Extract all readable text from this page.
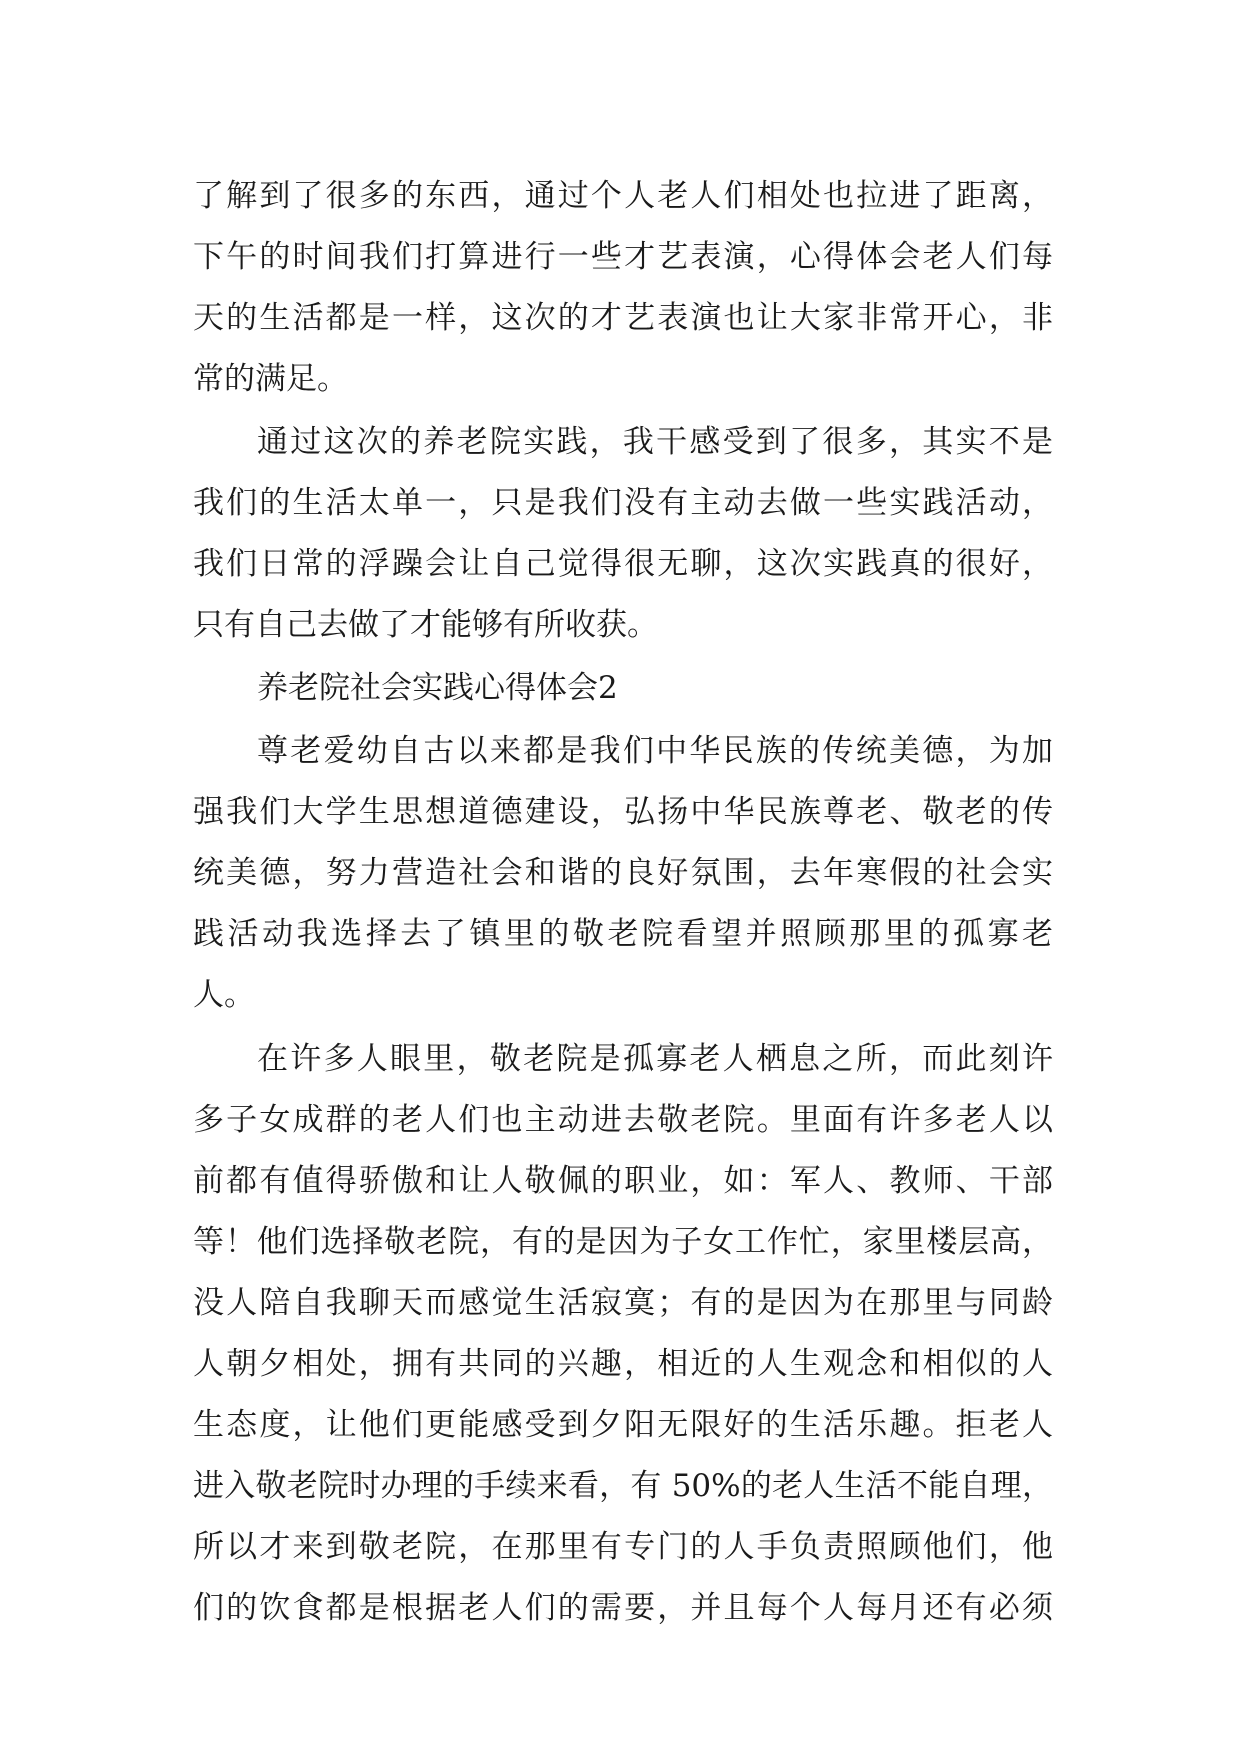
了解到了很多的东西，通过个人老人们相处也拉进了距离，
下午的时间我们打算进行一些才艺表演，心得体会老人们每
天的生活都是一样，这次的才艺表演也让大家非常开心，非
常的满足。
通过这次的养老院实践，我干感受到了很多，其实不是
我们的生活太单一，只是我们没有主动去做一些实践活动，
我们日常的浮躁会让自己觉得很无聊，这次实践真的很好，
只有自己去做了才能够有所收获。
养老院社会实践心得体会2
尊老爱幼自古以来都是我们中华民族的传统美德，为加
强我们大学生思想道德建设，弘扬中华民族尊老、敬老的传
统美德，努力营造社会和谐的良好氛围，去年寒假的社会实
践活动我选择去了镇里的敬老院看望并照顾那里的孤寡老
人。
在许多人眼里，敬老院是孤寡老人栖息之所，而此刻许
多子女成群的老人们也主动进去敬老院。里面有许多老人以
前都有值得骄傲和让人敬佩的职业，如：军人、教师、干部
等！他们选择敬老院，有的是因为子女工作忙，家里楼层高，
没人陪自我聊天而感觉生活寂寞；有的是因为在那里与同龄
人朝夕相处，拥有共同的兴趣，相近的人生观念和相似的人
生态度，让他们更能感受到夕阳无限好的生活乐趣。拒老人
进入敬老院时办理的手续来看，有 50%的老人生活不能自理，
所以才来到敬老院，在那里有专门的人手负责照顾他们，他
们的饮食都是根据老人们的需要，并且每个人每月还有必须
